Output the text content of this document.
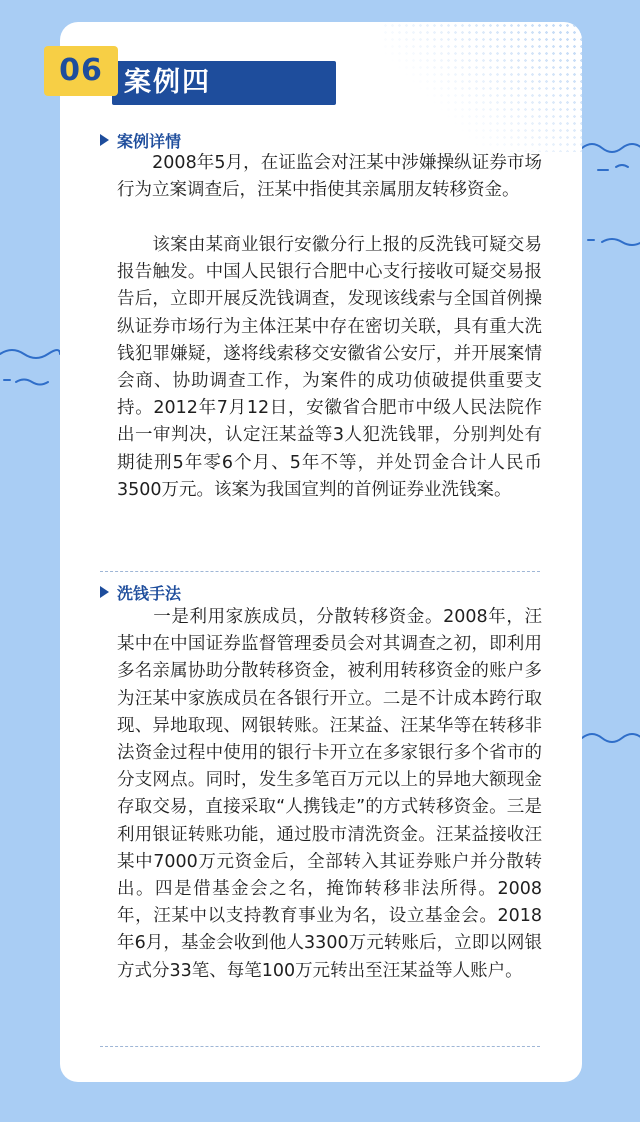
06 案例四
案例详情

　　2008年5月，在证监会对汪某中涉嫌操纵证券市场行为立案调查后，汪某中指使其亲属朋友转移资金。

　　该案由某商业银行安徽分行上报的反洗钱可疑交易报告触发。中国人民银行合肥中心支行接收可疑交易报告后，立即开展反洗钱调查，发现该线索与全国首例操纵证券市场行为主体汪某中存在密切关联，具有重大洗钱犯罪嫌疑，遂将线索移交安徽省公安厅，并开展案情会商、协助调查工作，为案件的成功侦破提供重要支持。2012年7月12日，安徽省合肥市中级人民法院作出一审判决，认定汪某益等3人犯洗钱罪，分别判处有期徒刑5年零6个月、5年不等，并处罚金合计人民币3500万元。该案为我国宣判的首例证券业洗钱案。

洗钱手法

　　一是利用家族成员，分散转移资金。2008年，汪某中在中国证券监督管理委员会对其调查之初，即利用多名亲属协助分散转移资金，被利用转移资金的账户多为汪某中家族成员在各银行开立。二是不计成本跨行取现、异地取现、网银转账。汪某益、汪某华等在转移非法资金过程中使用的银行卡开立在多家银行多个省市的分支网点。同时，发生多笔百万元以上的异地大额现金存取交易，直接采取“人携钱走”的方式转移资金。三是利用银证转账功能，通过股市清洗资金。汪某益接收汪某中7000万元资金后，全部转入其证券账户并分散转出。四是借基金会之名，掩饰转移非法所得。2008年，汪某中以支持教育事业为名，设立基金会。2018年6月，基金会收到他人3300万元转账后，立即以网银方式分33笔、每笔100万元转出至汪某益等人账户。
